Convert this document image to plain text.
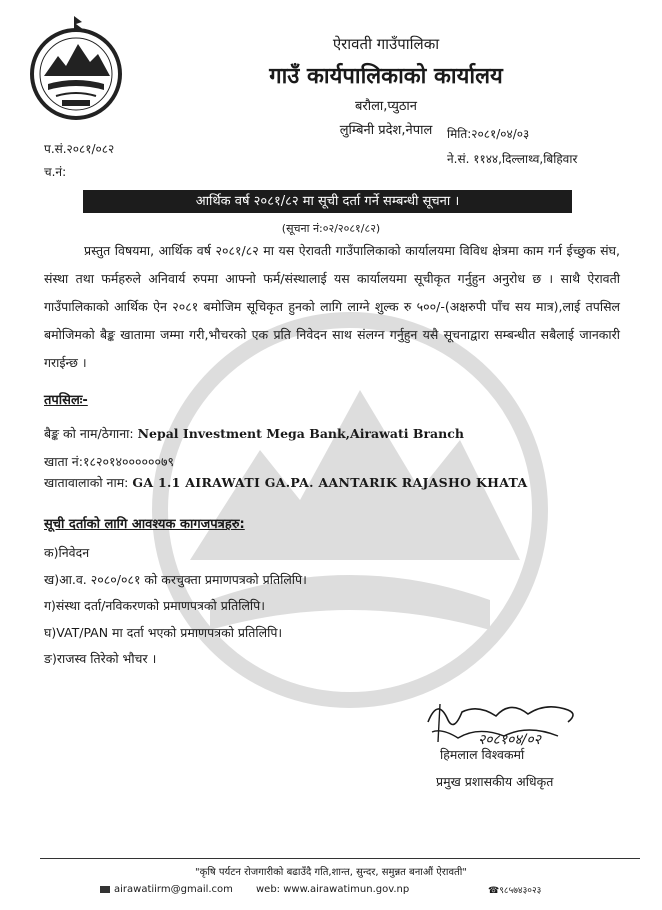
ऐरावती गाउँपालिका
गाउँ कार्यपालिकाको कार्यालय
बरौला,प्युठान
लुम्बिनी प्रदेश,नेपाल
प.सं.२०८१/०८२
च.नं:
मिति:२०८१/०४/०३
ने.सं. ११४४,दिल्लाथ्व,बिहिवार
आर्थिक वर्ष २०८१/८२ मा सूची दर्ता गर्ने सम्बन्धी सूचना ।
(सूचना नं:०२/२०८१/८२)
प्रस्तुत विषयमा, आर्थिक वर्ष २०८१/८२ मा यस ऐरावती गाउँपालिकाको कार्यालयमा विविध क्षेत्रमा काम गर्न ईच्छुक संघ, संस्था तथा फर्महरुले अनिवार्य रुपमा आफ्नो फर्म/संस्थालाई यस कार्यालयमा सूचीकृत गर्नुहुन अनुरोध छ । साथै ऐरावती गाउँपालिकाको आर्थिक ऐन २०८१ बमोजिम सूचिकृत हुनको लागि लाग्ने शुल्क रु ५००/-(अक्षरुपी पाँच सय मात्र),लाई तपसिल बमोजिमको बैङ्क खातामा जम्मा गरी,भौचरको एक प्रति निवेदन साथ संलग्न गर्नुहुन यसै सूचनाद्वारा सम्बन्धीत सबैलाई जानकारी गराईन्छ ।
तपसिलः-
बैङ्क को नाम/ठेगाना: Nepal Investment Mega Bank,Airawati Branch
खाता नं:१८२०१४००००००७९
खातावालाको नाम: GA 1.1 AIRAWATI GA.PA. AANTARIK RAJASHO KHATA
सूची दर्ताको लागि आवश्यक कागजपत्रहरु:
क)निवेदन
ख)आ.व. २०८०/०८१ को करचुक्ता प्रमाणपत्रको प्रतिलिपि।
ग)संस्था दर्ता/नविकरणको प्रमाणपत्रको प्रतिलिपि।
घ)VAT/PAN मा दर्ता भएको प्रमाणपत्रको प्रतिलिपि।
ङ)राजस्व तिरेको भौचर ।
२०८१०४/०२
हिमलाल विश्वकर्मा
प्रमुख प्रशासकीय अधिकृत
"कृषि पर्यटन रोजगारीको बढाउँदै गति,शान्त, सुन्दर, समुन्नत बनाऔं ऐरावती"
airawatiirm@gmail.com web: www.airawatimun.gov.np	☎९८५७४३०२३
